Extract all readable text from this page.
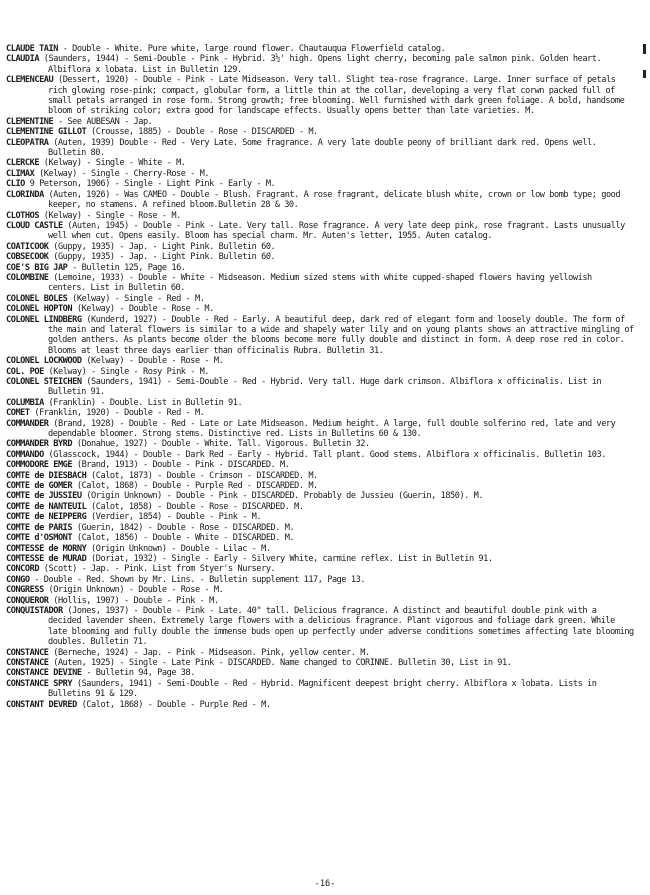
CLAUDE TAIN - Double - White. Pure white, large round flower. Chautauqua Flowerfield catalog.

CLAUDIA (Saunders, 1944) - Semi-Double - Pink - Hybrid. 3½' high. Opens light cherry, becoming pale salmon pink. Golden heart. Albiflora x lobata. List in Bulletin 129.

CLEMENCEAU (Dessert, 1920) - Double - Pink - Late Midseason. Very tall. Slight tea-rose fragrance. Large. Inner surface of petals rich glowing rose-pink; compact, globular form, a little thin at the collar, developing a very flat corwn packed full of small petals arranged in rose form. Strong growth; free blooming. Well furnished with dark green foliage. A bold, handsome bloom of striking color; extra good for landscape effects. Usually opens better than late varieties. M.

CLEMENTINE - See AUBESAN - Jap.

CLEMENTINE GILLOT (Crousse, 1885) - Double - Rose - DISCARDED - M.

CLEOPATRA (Auten, 1939) Double - Red - Very Late. Some fragrance. A very late double peony of brilliant dark red. Opens well. Bulletin 80.

CLERCKE (Kelway) - Single - White - M.

CLIMAX (Kelway) - Single - Cherry-Rose - M.

CLIO 9 Peterson, 1906) - Single - Light Pink - Early - M.

CLORINDA (Auten, 1926) - Was CAMEO - Double - Blush. Fragrant. A rose fragrant, delicate blush white, crown or low bomb type; good keeper, no stamens. A refined bloom.Bulletin 28 & 30.

CLOTHOS (Kelway) - Single - Rose - M.

CLOUD CASTLE (Auten, 1945) - Double - Pink - Late. Very tall. Rose fragrance. A very late deep pink, rose fragrant. Lasts unusually well when cut. Opens easily. Bloom has special charm. Mr. Auten's letter, 1955. Auten catalog.

COATICOOK (Guppy, 1935) - Jap. - Light Pink. Bulletin 60.

COBSECOOK (Guppy, 1935) - Jap. - Light Pink. Bulletin 60.

COE'S BIG JAP - Bulletin 125, Page 16.

COLOMBINE (Lemoine, 1933) - Double - White - Midseason. Medium sized stems with white cupped-shaped flowers having yellowish centers. List in Bulletin 60.

COLONEL BOLES (Kelway) - Single - Red - M.

COLONEL HOPTON (Kelway) - Double - Rose - M.

COLONEL LINDBERG (Kunderd, 1927) - Double - Red - Early. A beautiful deep, dark red of elegant form and loosely double. The form of the main and lateral flowers is similar to a wide and shapely water lily and on young plants shows an attractive mingling of golden anthers. As plants become older the blooms become more fully double and distinct in form. A deep rose red in color. Blooms at least three days earlier than officinalis Rubra. Bulletin 31.

COLONEL LOCKWOOD (Kelway) - Double - Rose - M.

COL. POE (Kelway) - Single - Rosy Pink - M.

COLONEL STEICHEN (Saunders, 1941) - Semi-Double - Red - Hybrid. Very tall. Huge dark crimson. Albiflora x officinalis. List in Bulletin 91.

COLUMBIA (Franklin) - Double. List in Bulletin 91.

COMET (Franklin, 1920) - Double - Red - M.

COMMANDER (Brand, 1928) - Double - Red - Late or Late Midseason. Medium height. A large, full double solferino red, late and very dependable bloomer. Strong stems. Distinctive red. Lists in Bulletins 60 & 130.

COMMANDER BYRD (Donahue, 1927) - Double - White. Tall. Vigorous. Bulletin 32.

COMMANDO (Glasscock, 1944) - Double - Dark Red - Early - Hybrid. Tall plant. Good stems. Albiflora x officinalis. Bulletin 103.

COMMODORE EMGE (Brand, 1913) - Double - Pink - DISCARDED. M.

COMTE de DIESBACH (Calot, 1873) - Double - Crimson - DISCARDED. M.

COMTE de GOMER (Calot, 1868) - Double - Purple Red - DISCARDED. M.

COMTE de JUSSIEU (Origin Unknown) - Double - Pink - DISCARDED. Probably de Jussieu (Guerin, 1850). M.

COMTE de NANTEUIL (Calot, 1858) - Double - Rose - DISCARDED. M.

COMTE de NEIPPERG (Verdier, 1854) - Double - Pink - M.

COMTE de PARIS (Guerin, 1842) - Double - Rose - DISCARDED. M.

COMTE d'OSMONT (Calot, 1856) - Double - White - DISCARDED. M.

COMTESSE de MORNY (Origin Unknown) - Double - Lilac - M.

COMTESSE de MURAD (Doriat, 1932) - Single - Early - Silvery White, carmine reflex. List in Bulletin 91.

CONCORD (Scott) - Jap. - Pink. List from Styer's Nursery.

CONGO - Double - Red. Shown by Mr. Lins. - Bulletin supplement 117, Page 13.

CONGRESS (Origin Unknown) - Double - Rose - M.

CONQUEROR (Hollis, 1907) - Double - Pink - M.

CONQUISTADOR (Jones, 1937) - Double - Pink - Late. 40" tall. Delicious fragrance. A distinct and beautiful double pink with a decided lavender sheen. Extremely large flowers with a delicious fragrance. Plant vigorous and foliage dark green. While late blooming and fully double the immense buds open up perfectly under adverse conditions sometimes affecting late blooming doubles. Bulletin 71.

CONSTANCE (Berneche, 1924) - Jap. - Pink - Midseason. Pink, yellow center. M.

CONSTANCE (Auten, 1925) - Single - Late Pink - DISCARDED. Name changed to CORINNE. Bulletin 30, List in 91.

CONSTANCE DEVINE - Bulletin 94, Page 38.

CONSTANCE SPRY (Saunders, 1941) - Semi-Double - Red - Hybrid. Magnificent deepest bright cherry. Albiflora x lobata. Lists in Bulletins 91 & 129.

CONSTANT DEVRED (Calot, 1868) - Double - Purple Red - M.

-16-
